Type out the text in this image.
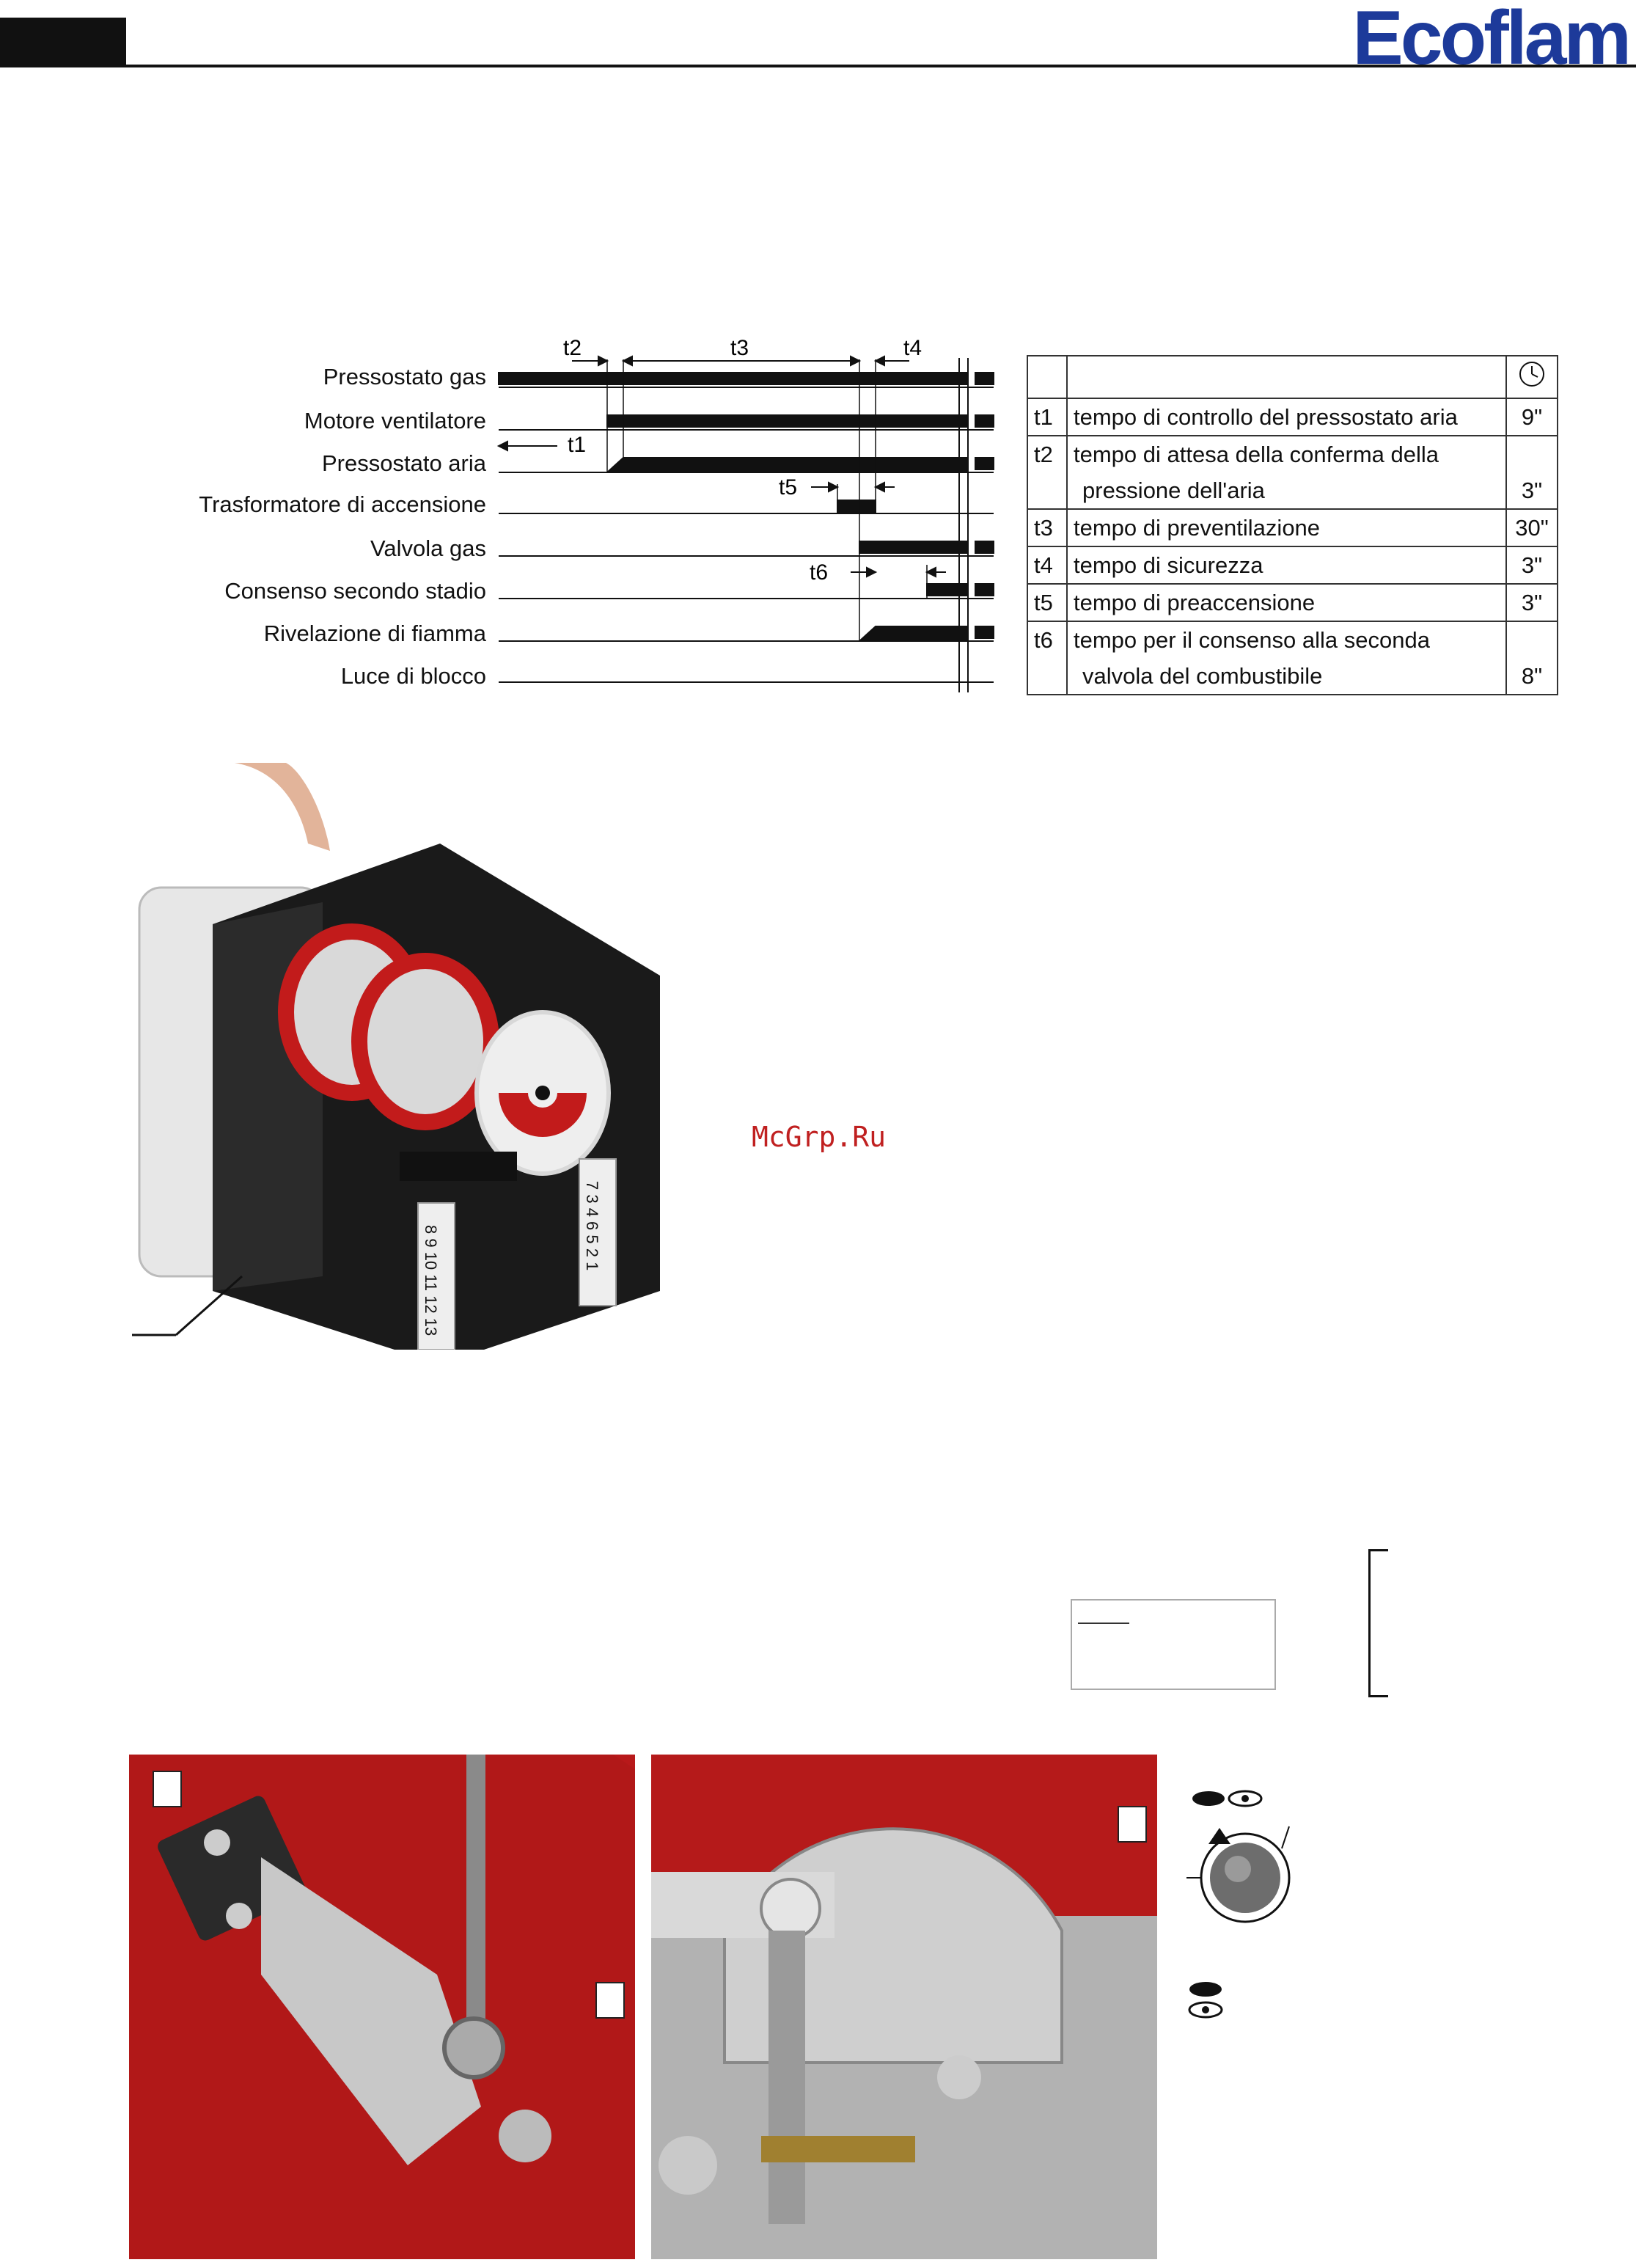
Ecoflam
Pressostato gas
Motore ventilatore
Pressostato aria
Trasformatore di accensione
Valvola gas
Consenso secondo stadio
Rivelazione di fiamma
Luce di blocco
t2	t3	t4
t1
t5
t6

t1	tempo di controllo del pressostato aria	9"
t2	tempo di attesa della conferma della	
	pressione dell'aria	3"
t3	tempo di preventilazione	30"
t4	tempo di sicurezza	3"
t5	tempo di preaccensione	3"
t6	tempo per il consenso alla seconda	
	valvola del combustibile	8"
7 3 4 6 5 2 1
8 9 10 11 12 13
McGrp.Ru
